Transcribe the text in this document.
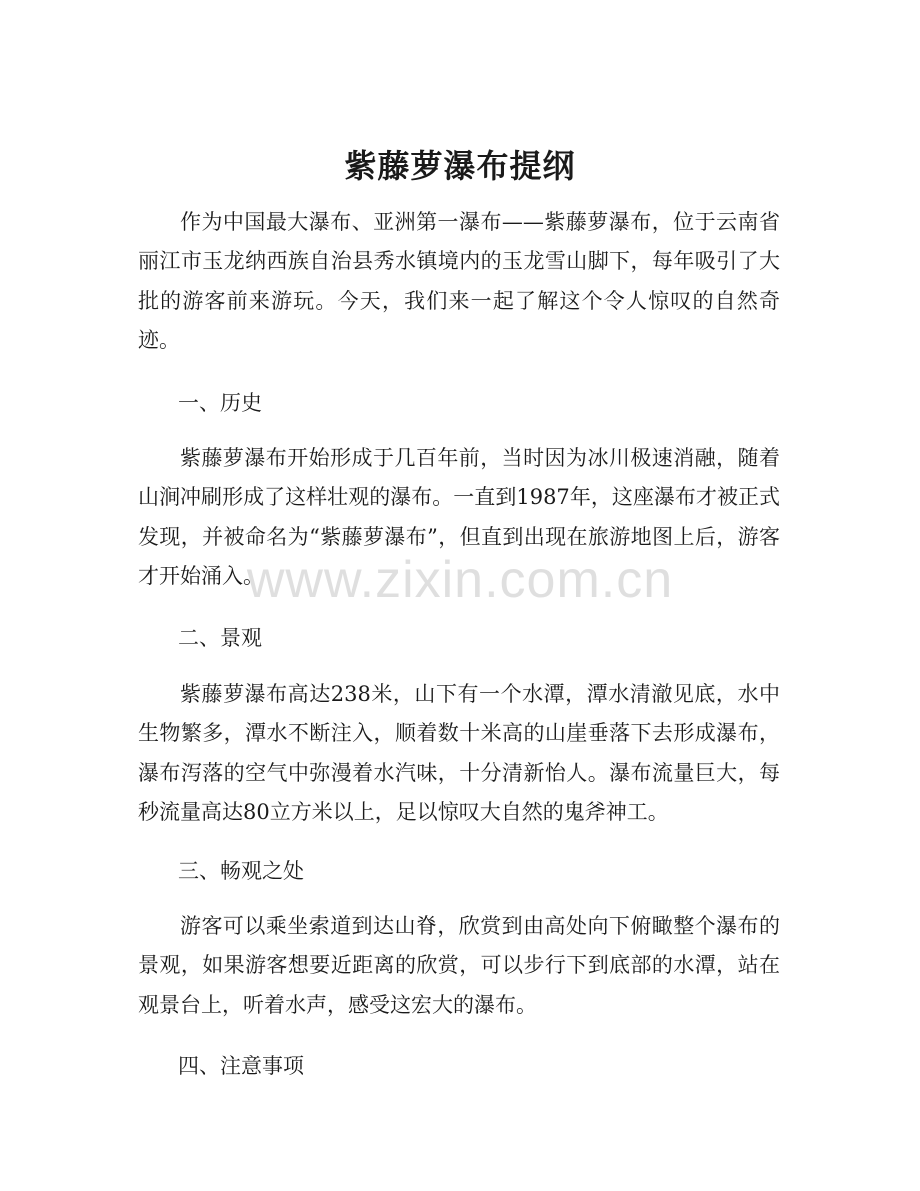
紫藤萝瀑布提纲

作为中国最大瀑布、亚洲第一瀑布——紫藤萝瀑布，位于云南省丽江市玉龙纳西族自治县秀水镇境内的玉龙雪山脚下，每年吸引了大批的游客前来游玩。今天，我们来一起了解这个令人惊叹的自然奇迹。

一、历史

紫藤萝瀑布开始形成于几百年前，当时因为冰川极速消融，随着山涧冲刷形成了这样壮观的瀑布。一直到1987年，这座瀑布才被正式发现，并被命名为“紫藤萝瀑布”，但直到出现在旅游地图上后，游客才开始涌入。

二、景观

紫藤萝瀑布高达238米，山下有一个水潭，潭水清澈见底，水中生物繁多，潭水不断注入，顺着数十米高的山崖垂落下去形成瀑布，瀑布泻落的空气中弥漫着水汽味，十分清新怡人。瀑布流量巨大，每秒流量高达80立方米以上，足以惊叹大自然的鬼斧神工。

三、畅观之处

游客可以乘坐索道到达山脊，欣赏到由高处向下俯瞰整个瀑布的景观，如果游客想要近距离的欣赏，可以步行下到底部的水潭，站在观景台上，听着水声，感受这宏大的瀑布。

四、注意事项

www.zixin.com.cn
